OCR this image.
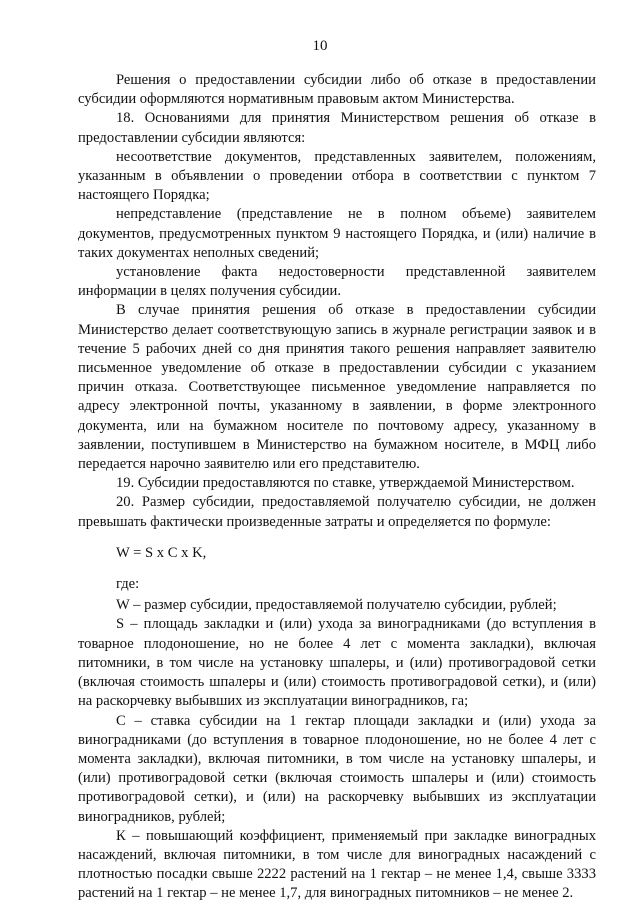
10

Решения о предоставлении субсидии либо об отказе в предоставлении субсидии оформляются нормативным правовым актом Министерства.

18. Основаниями для принятия Министерством решения об отказе в предоставлении субсидии являются:

несоответствие документов, представленных заявителем, положениям, указанным в объявлении о проведении отбора в соответствии с пунктом 7 настоящего Порядка;

непредставление (представление не в полном объеме) заявителем документов, предусмотренных пунктом 9 настоящего Порядка, и (или) наличие в таких документах неполных сведений;

установление факта недостоверности представленной заявителем информации в целях получения субсидии.

В случае принятия решения об отказе в предоставлении субсидии Министерство делает соответствующую запись в журнале регистрации заявок и в течение 5 рабочих дней со дня принятия такого решения направляет заявителю письменное уведомление об отказе в предоставлении субсидии с указанием причин отказа. Соответствующее письменное уведомление направляется по адресу электронной почты, указанному в заявлении, в форме электронного документа, или на бумажном носителе по почтовому адресу, указанному в заявлении, поступившем в Министерство на бумажном носителе, в МФЦ либо передается нарочно заявителю или его представителю.

19. Субсидии предоставляются по ставке, утверждаемой Министерством.

20. Размер субсидии, предоставляемой получателю субсидии, не должен превышать фактически произведенные затраты и определяется по формуле:

W = S x C x K,

где:

W – размер субсидии, предоставляемой получателю субсидии, рублей;

S – площадь закладки и (или) ухода за виноградниками (до вступления в товарное плодоношение, но не более 4 лет с момента закладки), включая питомники, в том числе на установку шпалеры, и (или) противоградовой сетки (включая стоимость шпалеры и (или) стоимость противоградовой сетки), и (или) на раскорчевку выбывших из эксплуатации виноградников, га;

С – ставка субсидии на 1 гектар площади закладки и (или) ухода за виноградниками (до вступления в товарное плодоношение, но не более 4 лет с момента закладки), включая питомники, в том числе на установку шпалеры, и (или) противоградовой сетки (включая стоимость шпалеры и (или) стоимость противоградовой сетки), и (или) на раскорчевку выбывших из эксплуатации виноградников, рублей;

К – повышающий коэффициент, применяемый при закладке виноградных насаждений, включая питомники, в том числе для виноградных насаждений с плотностью посадки свыше 2222 растений на 1 гектар – не менее 1,4, свыше 3333 растений на 1 гектар – не менее 1,7, для виноградных питомников – не менее 2.
